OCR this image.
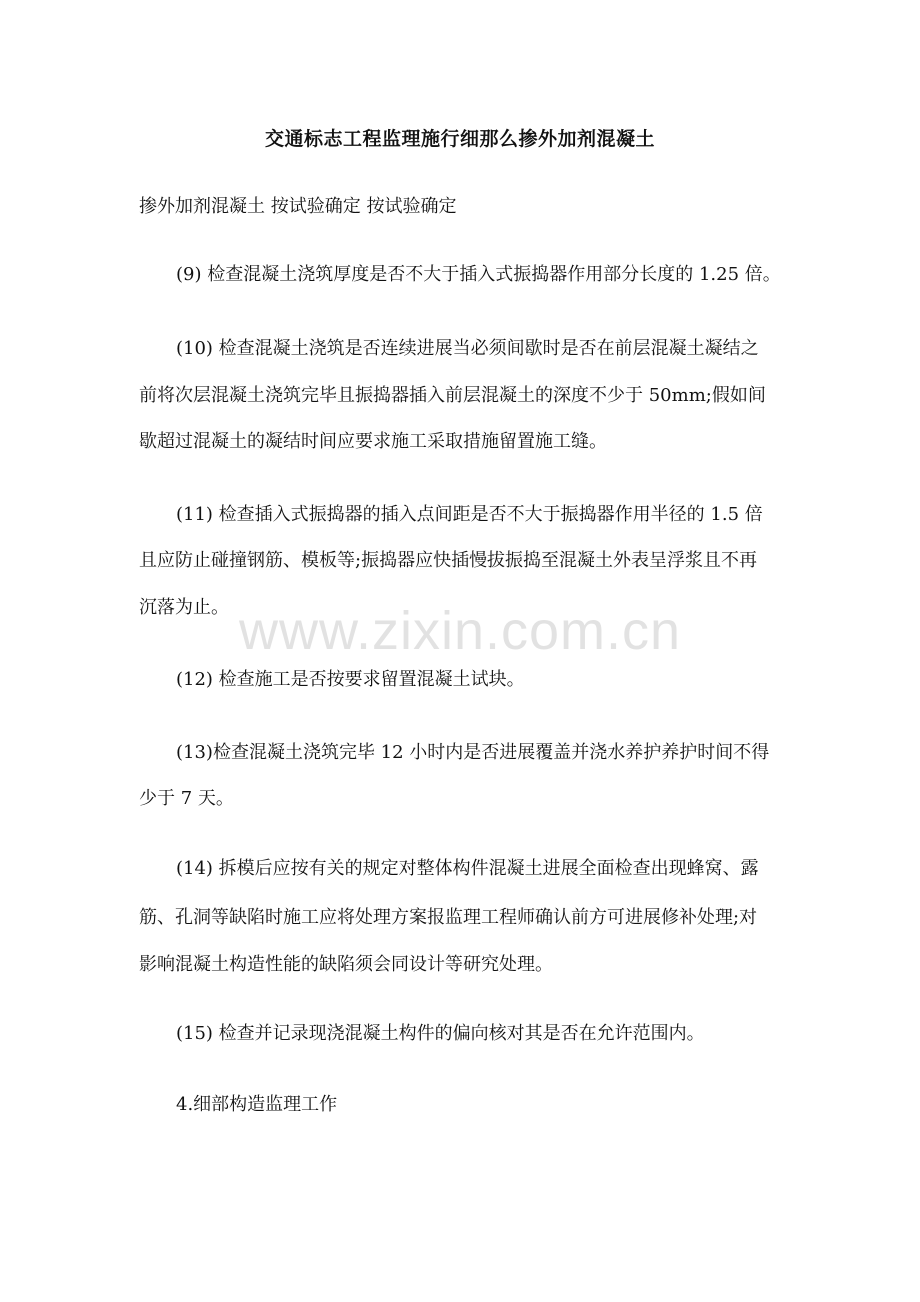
交通标志工程监理施行细那么掺外加剂混凝土
掺外加剂混凝土 按试验确定 按试验确定
(9) 检查混凝土浇筑厚度是否不大于插入式振捣器作用部分长度的 1.25 倍。
(10) 检查混凝土浇筑是否连续进展当必须间歇时是否在前层混凝土凝结之
前将次层混凝土浇筑完毕且振捣器插入前层混凝土的深度不少于 50mm;假如间
歇超过混凝土的凝结时间应要求施工采取措施留置施工缝。
(11) 检查插入式振捣器的插入点间距是否不大于振捣器作用半径的 1.5 倍
且应防止碰撞钢筋、模板等;振捣器应快插慢拔振捣至混凝土外表呈浮浆且不再
沉落为止。
(12) 检查施工是否按要求留置混凝土试块。
(13)检查混凝土浇筑完毕 12 小时内是否进展覆盖并浇水养护养护时间不得
少于 7 天。
(14) 拆模后应按有关的规定对整体构件混凝土进展全面检查出现蜂窝、露
筋、孔洞等缺陷时施工应将处理方案报监理工程师确认前方可进展修补处理;对
影响混凝土构造性能的缺陷须会同设计等研究处理。
(15) 检查并记录现浇混凝土构件的偏向核对其是否在允许范围内。
4.细部构造监理工作
www.zixin.com.cn
